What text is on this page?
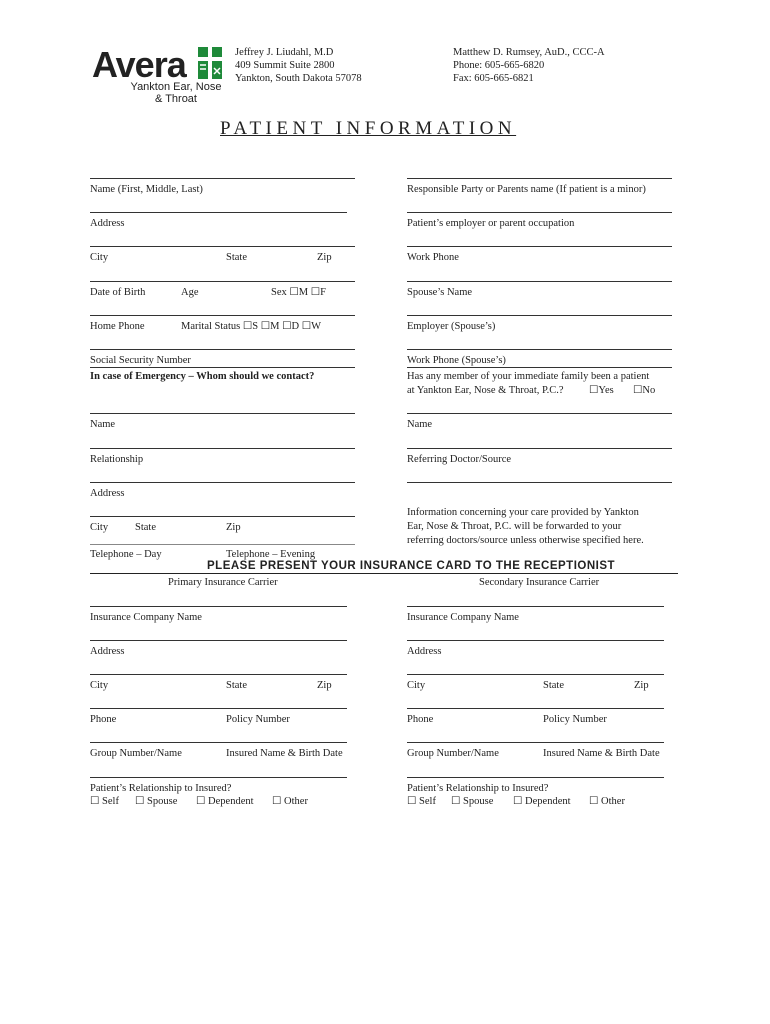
Avera
Yankton Ear, Nose
& Throat
Jeffrey J. Liudahl, M.D
409 Summit Suite 2800
Yankton, South Dakota 57078
Matthew D. Rumsey, AuD., CCC-A
Phone: 605-665-6820
Fax: 605-665-6821
PATIENT INFORMATION
Name (First, Middle, Last)
Address
City	State	Zip
Date of Birth	Age	Sex ☐M ☐F
Home Phone	Marital Status ☐S ☐M ☐D ☐W
Social Security Number
In case of Emergency – Whom should we contact?
Name
Relationship
Address
City	State	Zip
Telephone – Day	Telephone – Evening
Responsible Party or Parents name (If patient is a minor)
Patient’s employer or parent occupation
Work Phone
Spouse’s Name
Employer (Spouse’s)
Work Phone (Spouse’s)
Has any member of your immediate family been a patient
at Yankton Ear, Nose & Throat, P.C.? ☐Yes ☐No
Name
Referring Doctor/Source
Information concerning your care provided by Yankton
Ear, Nose & Throat, P.C. will be forwarded to your
referring doctors/source unless otherwise specified here.
PLEASE PRESENT YOUR INSURANCE CARD TO THE RECEPTIONIST
Primary Insurance Carrier	Secondary Insurance Carrier
Insurance Company Name
Address
City	State	Zip
Phone	Policy Number
Group Number/Name	Insured Name & Birth Date
Patient’s Relationship to Insured?
☐ Self ☐ Spouse ☐ Dependent ☐ Other
Insurance Company Name
Address
City	State	Zip
Phone	Policy Number
Group Number/Name	Insured Name & Birth Date
Patient’s Relationship to Insured?
☐ Self ☐ Spouse ☐ Dependent ☐ Other
